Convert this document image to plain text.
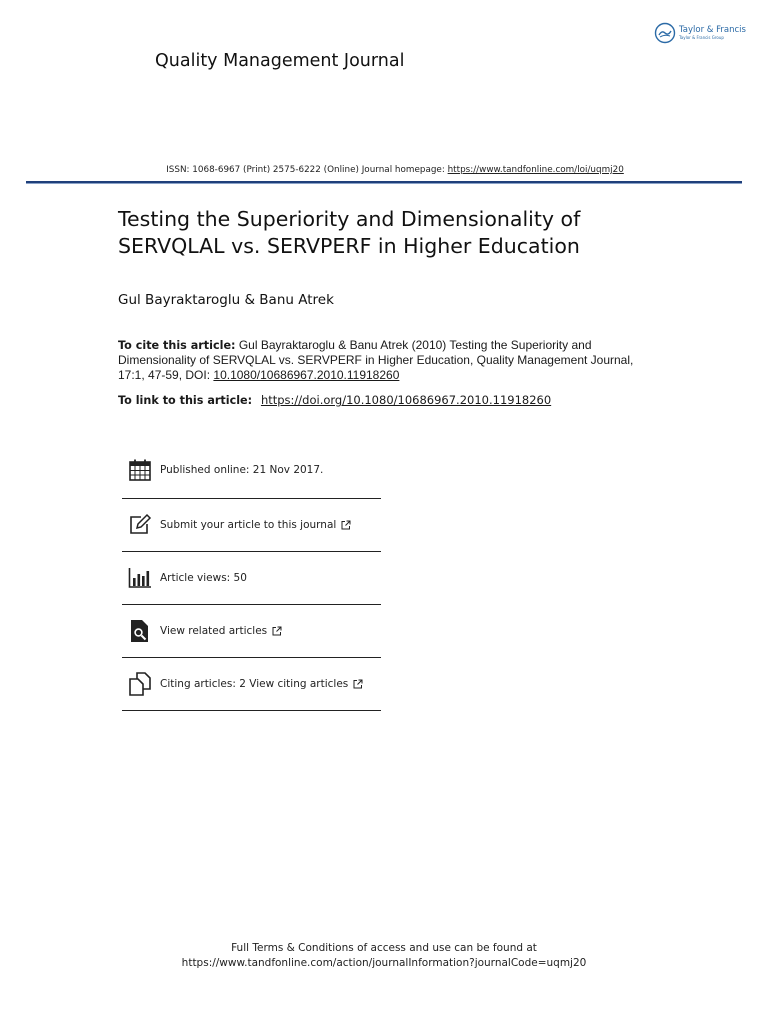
Quality Management Journal
Taylor & Francis
Taylor & Francis Group
ISSN: 1068-6967 (Print) 2575-6222 (Online) Journal homepage: https://www.tandfonline.com/loi/uqmj20
Testing the Superiority and Dimensionality of SERVQLAL vs. SERVPERF in Higher Education
Gul Bayraktaroglu & Banu Atrek
To cite this article: Gul Bayraktaroglu & Banu Atrek (2010) Testing the Superiority and Dimensionality of SERVQLAL vs. SERVPERF in Higher Education, Quality Management Journal, 17:1, 47-59, DOI: 10.1080/10686967.2010.11918260
To link to this article: https://doi.org/10.1080/10686967.2010.11918260
Published online: 21 Nov 2017.
Submit your article to this journal
Article views: 50
View related articles
Citing articles: 2 View citing articles
Full Terms & Conditions of access and use can be found at
https://www.tandfonline.com/action/journalInformation?journalCode=uqmj20
